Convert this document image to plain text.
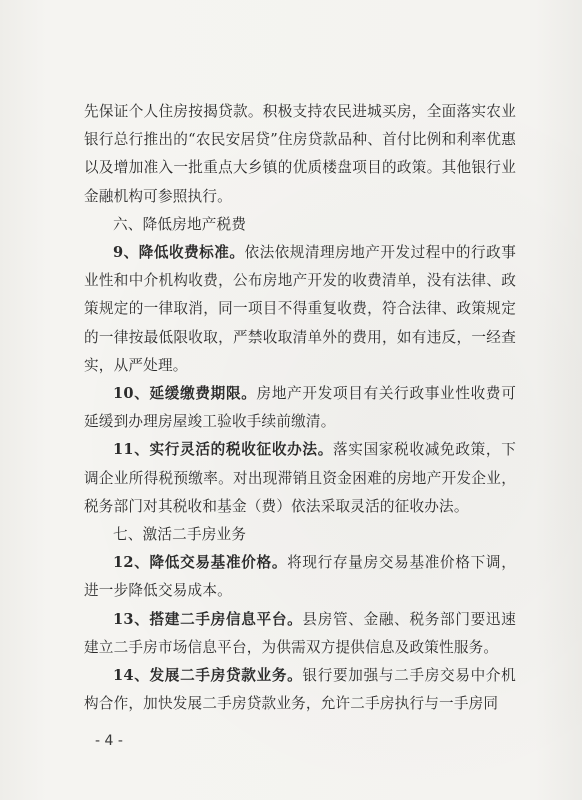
先保证个人住房按揭贷款。积极支持农民进城买房，全面落实农业银行总行推出的“农民安居贷”住房贷款品种、首付比例和利率优惠以及增加准入一批重点大乡镇的优质楼盘项目的政策。其他银行业金融机构可参照执行。

六、降低房地产税费

9、降低收费标准。依法依规清理房地产开发过程中的行政事业性和中介机构收费，公布房地产开发的收费清单，没有法律、政策规定的一律取消，同一项目不得重复收费，符合法律、政策规定的一律按最低限收取，严禁收取清单外的费用，如有违反，一经查实，从严处理。

10、延缓缴费期限。房地产开发项目有关行政事业性收费可延缓到办理房屋竣工验收手续前缴清。

11、实行灵活的税收征收办法。落实国家税收减免政策，下调企业所得税预缴率。对出现滞销且资金困难的房地产开发企业，税务部门对其税收和基金（费）依法采取灵活的征收办法。

七、激活二手房业务

12、降低交易基准价格。将现行存量房交易基准价格下调，进一步降低交易成本。

13、搭建二手房信息平台。县房管、金融、税务部门要迅速建立二手房市场信息平台，为供需双方提供信息及政策性服务。

14、发展二手房贷款业务。银行要加强与二手房交易中介机构合作，加快发展二手房贷款业务，允许二手房执行与一手房同

- 4 -
